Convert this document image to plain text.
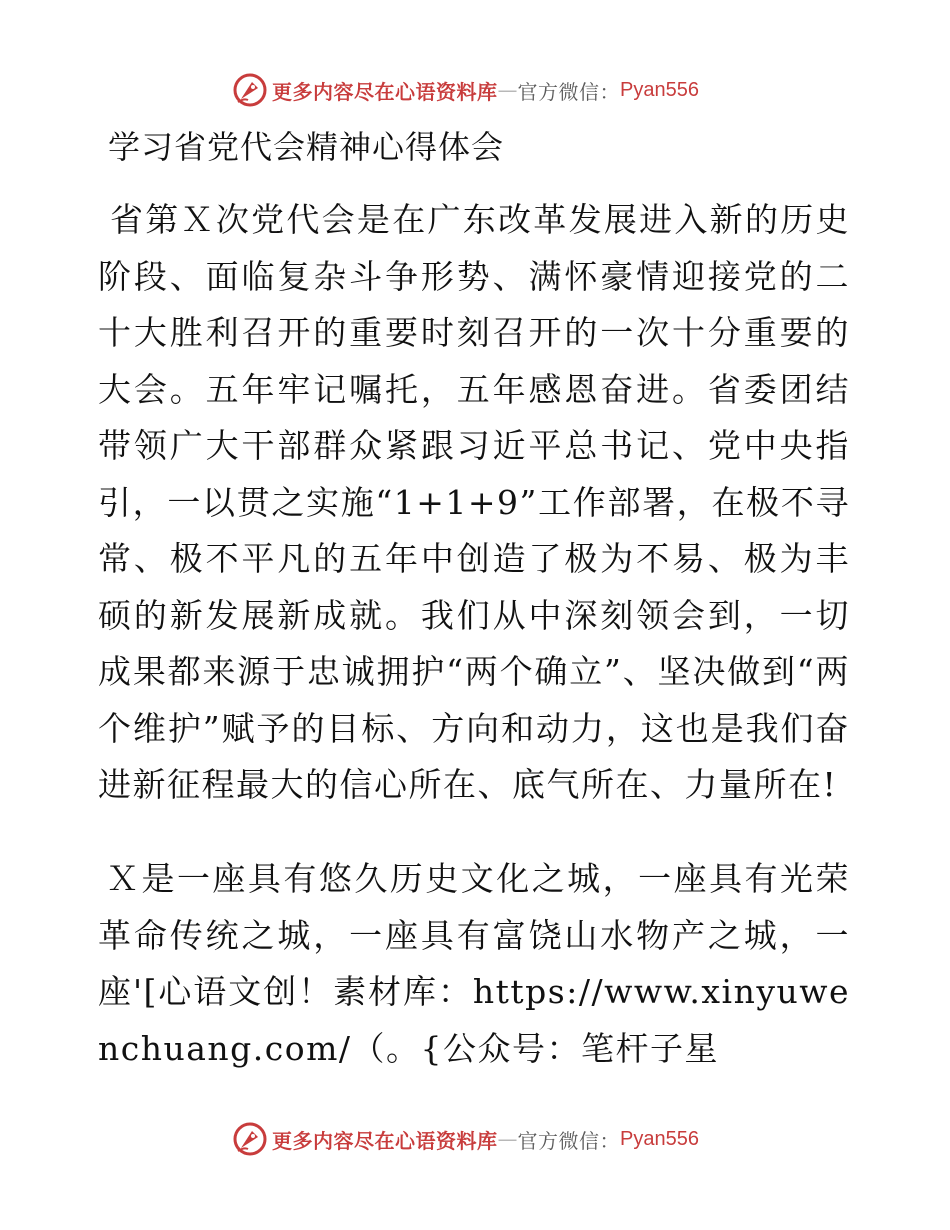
更多内容尽在心语资料库 — 官方微信： Pyan556
学习省党代会精神心得体会

省第Ｘ次党代会是在广东改革发展进入新的历史阶段、面临复杂斗争形势、满怀豪情迎接党的二十大胜利召开的重要时刻召开的一次十分重要的大会。五年牢记嘱托，五年感恩奋进。省委团结带领广大干部群众紧跟习近平总书记、党中央指引，一以贯之实施“1+1+9”工作部署，在极不寻常、极不平凡的五年中创造了极为不易、极为丰硕的新发展新成就。我们从中深刻领会到，一切成果都来源于忠诚拥护“两个确立”、坚决做到“两个维护”赋予的目标、方向和动力，这也是我们奋进新征程最大的信心所在、底气所在、力量所在!

Ｘ是一座具有悠久历史文化之城，一座具有光荣革命传统之城，一座具有富饶山水物产之城，一座'[心语文创！素材库：https://www.xinyuwenchuang.com/（。{公众号：笔杆子星

更多内容尽在心语资料库 — 官方微信： Pyan556
